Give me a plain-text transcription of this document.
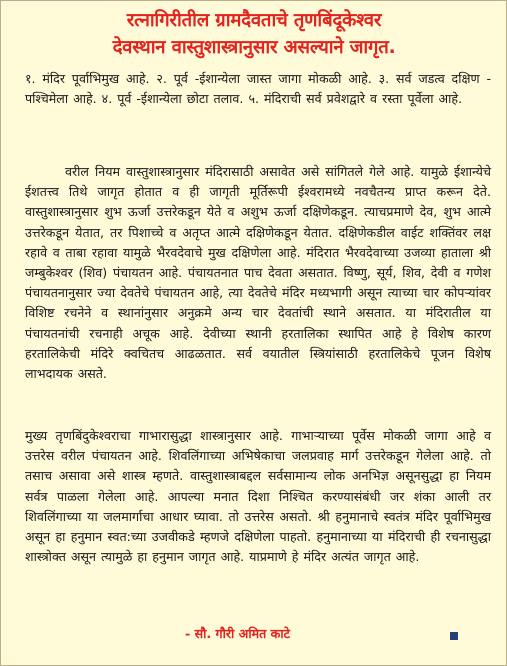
रत्नागिरीतील ग्रामदैवताचे तृणबिंदूकेश्वर
देवस्थान वास्तुशास्त्रानुसार असल्याने जागृत.
१. मंदिर पूर्वाभिमुख आहे. २. पूर्व -ईशान्येला जास्त जागा मोकळी आहे. ३. सर्व जडत्व दक्षिण - पश्चिमेला आहे. ४. पूर्व -ईशान्येला छोटा तलाव. ५. मंदिराची सर्व प्रवेशद्वारे व रस्ता पूर्वेला आहे.
वरील नियम वास्तुशास्त्रानुसार मंदिरासाठी असावेत असे सांगितले गेले आहे. यामुळे ईशान्येचे ईशतत्त्व तिथे जागृत होतात व ही जागृती मूर्तिरूपी ईश्वरामध्ये नवचैतन्य प्राप्त करून देते. वास्तुशास्त्रानुसार शुभ ऊर्जा उत्तरेकडून येते व अशुभ ऊर्जा दक्षिणेकडून. त्याचप्रमाणे देव, शुभ आत्मे उत्तरेकडून येतात, तर पिशाच्चे व अतृप्त आत्मे दक्षिणेकडून येतात. दक्षिणेकडील वाईट शक्तिंवर लक्ष रहावे व ताबा रहावा यामुळे भैरवदेवाचे मुख दक्षिणेला आहे. मंदिरात भैरवदेवाच्या उजव्या हाताला श्री जम्बुकेश्वर (शिव) पंचायतन आहे. पंचायतनात पाच देवता असतात. विष्णु, सूर्य, शिव, देवी व गणेश पंचायतनानुसार ज्या देवतेचे पंचायतन आहे, त्या देवतेचे मंदिर मध्यभागी असून त्याच्या चार कोपऱ्यांवर विशिष्ट रचनेने व स्थानांनुसार अनुक्रमे अन्य चार देवतांची स्थाने असतात. या मंदिरातील या पंचायतनांची रचनाही अचूक आहे. देवीच्या स्थानी हरतालिका स्थापित आहे हे विशेष कारण हरतालिकेची मंदिरे क्वचितच आढळतात. सर्व वयातील स्त्रियांसाठी हरतालिकेचे पूजन विशेष लाभदायक असते.
मुख्य तृणबिंदुकेश्वराचा गाभारासुद्धा शास्त्रानुसार आहे. गाभाऱ्याच्या पूर्वेस मोकळी जागा आहे व उत्तरेस वरील पंचायतन आहे. शिवलिंगाच्या अभिषेकाचा जलप्रवाह मार्ग उत्तरेकडून गेलेला आहे. तो तसाच असावा असे शास्त्र म्हणते. वास्तुशास्त्राबद्दल सर्वसामान्य लोक अनभिज्ञ असूनसुद्धा हा नियम सर्वत्र पाळला गेलेला आहे. आपल्या मनात दिशा निश्चित करण्यासंबंधी जर शंका आली तर शिवलिंगाच्या या जलमार्गाचा आधार घ्यावा. तो उत्तरेस असतो. श्री हनुमानाचे स्वतंत्र मंदिर पूर्वाभिमुख असून हा हनुमान स्वत:च्या उजवीकडे म्हणजे दक्षिणेला पाहतो. हनुमानाच्या या मंदिराची ही रचनासुद्धा शास्त्रोक्त असून त्यामुळे हा हनुमान जागृत आहे. याप्रमाणे हे मंदिर अत्यंत जागृत आहे.
- सौ. गौरी अमित काटे
